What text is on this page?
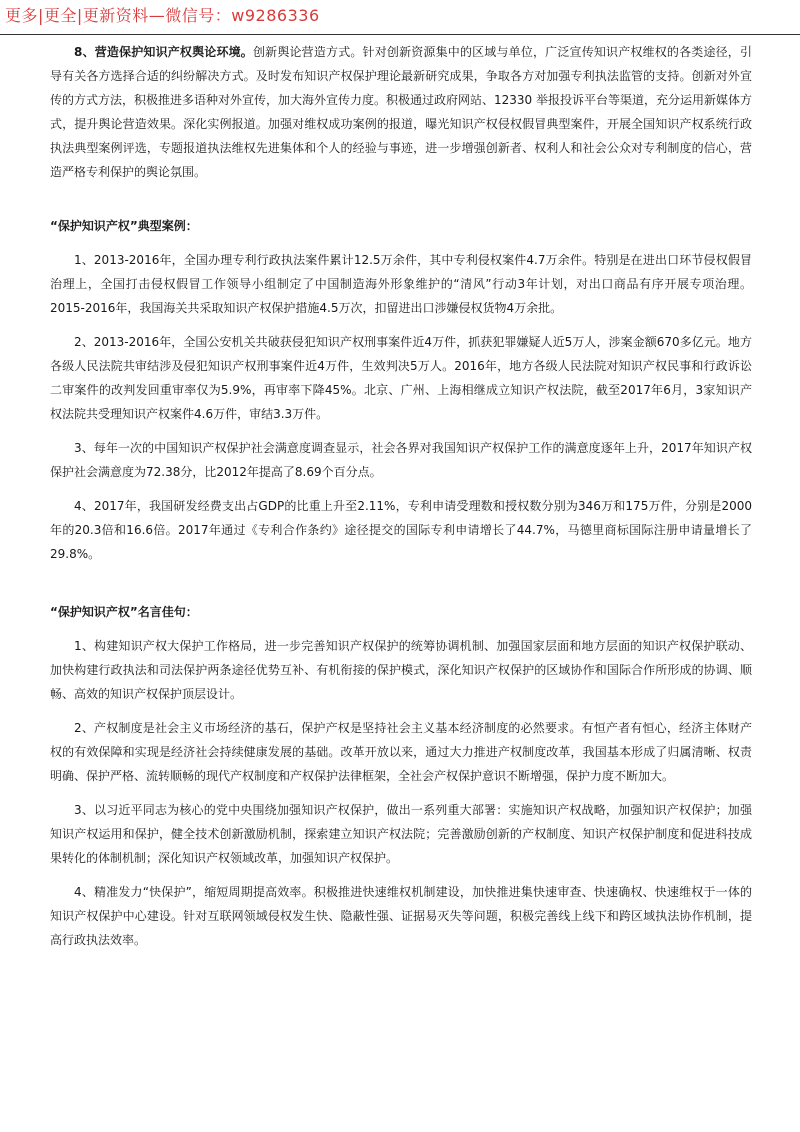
更多|更全|更新资料—微信号：w9286336

8、营造保护知识产权舆论环境。创新舆论营造方式。针对创新资源集中的区域与单位，广泛宣传知识产权维权的各类途径，引导有关各方选择合适的纠纷解决方式。及时发布知识产权保护理论最新研究成果，争取各方对加强专利执法监管的支持。创新对外宣传的方式方法，积极推进多语种对外宣传，加大海外宣传力度。积极通过政府网站、12330 举报投诉平台等渠道，充分运用新媒体方式，提升舆论营造效果。深化实例报道。加强对维权成功案例的报道，曝光知识产权侵权假冒典型案件，开展全国知识产权系统行政执法典型案例评选，专题报道执法维权先进集体和个人的经验与事迹，进一步增强创新者、权利人和社会公众对专利制度的信心，营造严格专利保护的舆论氛围。

“保护知识产权”典型案例：

1、2013-2016年，全国办理专利行政执法案件累计12.5万余件，其中专利侵权案件4.7万余件。特别是在进出口环节侵权假冒治理上，全国打击侵权假冒工作领导小组制定了中国制造海外形象维护的“清风”行动3年计划，对出口商品有序开展专项治理。2015-2016年，我国海关共采取知识产权保护措施4.5万次，扣留进出口涉嫌侵权货物4万余批。

2、2013-2016年，全国公安机关共破获侵犯知识产权刑事案件近4万件，抓获犯罪嫌疑人近5万人，涉案金额670多亿元。地方各级人民法院共审结涉及侵犯知识产权刑事案件近4万件，生效判决5万人。2016年，地方各级人民法院对知识产权民事和行政诉讼二审案件的改判发回重审率仅为5.9%，再审率下降45%。北京、广州、上海相继成立知识产权法院，截至2017年6月，3家知识产权法院共受理知识产权案件4.6万件，审结3.3万件。

3、每年一次的中国知识产权保护社会满意度调查显示，社会各界对我国知识产权保护工作的满意度逐年上升，2017年知识产权保护社会满意度为72.38分，比2012年提高了8.69个百分点。

4、2017年，我国研发经费支出占GDP的比重上升至2.11%，专利申请受理数和授权数分别为346万和175万件，分别是2000年的20.3倍和16.6倍。2017年通过《专利合作条约》途径提交的国际专利申请增长了44.7%，马德里商标国际注册申请量增长了29.8%。

“保护知识产权”名言佳句：

1、构建知识产权大保护工作格局，进一步完善知识产权保护的统筹协调机制、加强国家层面和地方层面的知识产权保护联动、加快构建行政执法和司法保护两条途径优势互补、有机衔接的保护模式，深化知识产权保护的区域协作和国际合作所形成的协调、顺畅、高效的知识产权保护顶层设计。

2、产权制度是社会主义市场经济的基石，保护产权是坚持社会主义基本经济制度的必然要求。有恒产者有恒心，经济主体财产权的有效保障和实现是经济社会持续健康发展的基础。改革开放以来，通过大力推进产权制度改革，我国基本形成了归属清晰、权责明确、保护严格、流转顺畅的现代产权制度和产权保护法律框架，全社会产权保护意识不断增强，保护力度不断加大。

3、以习近平同志为核心的党中央围绕加强知识产权保护，做出一系列重大部署：实施知识产权战略，加强知识产权保护；加强知识产权运用和保护，健全技术创新激励机制，探索建立知识产权法院；完善激励创新的产权制度、知识产权保护制度和促进科技成果转化的体制机制；深化知识产权领域改革，加强知识产权保护。

4、精准发力“快保护”，缩短周期提高效率。积极推进快速维权机制建设，加快推进集快速审查、快速确权、快速维权于一体的知识产权保护中心建设。针对互联网领域侵权发生快、隐蔽性强、证据易灭失等问题，积极完善线上线下和跨区域执法协作机制，提高行政执法效率。
